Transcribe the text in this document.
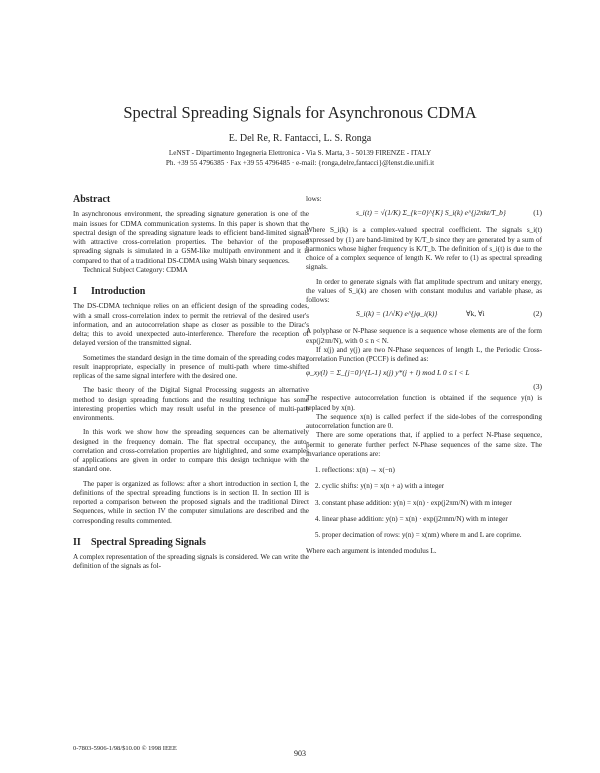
Spectral Spreading Signals for Asynchronous CDMA
E. Del Re, R. Fantacci, L. S. Ronga
LeNST - Dipartimento Ingegneria Elettronica - Via S. Marta, 3 - 50139 FIRENZE - ITALY
Ph. +39 55 4796385 · Fax +39 55 4796485 · e-mail: {ronga,delre,fantacci}@lenst.die.unifi.it
Abstract

In asynchronous environment, the spreading signature generation is one of the main issues for CDMA communication systems. In this paper is shown that the spectral design of the spreading signature leads to efficient band-limited signals with attractive cross-correlation properties. The behavior of the proposed spreading signals is simulated in a GSM-like multipath environment and it is compared to that of a traditional DS-CDMA using Walsh binary sequences.

Technical Subject Category: CDMA

I Introduction

The DS-CDMA technique relies on an efficient design of the spreading codes, with a small cross-correlation index to permit the retrieval of the desired user's information, and an autocorrelation shape as closer as possible to the Dirac's delta; this to avoid unexpected auto-interference. Therefore the reception of delayed version of the transmitted signal.

Sometimes the standard design in the time domain of the spreading codes may result inappropriate, especially in presence of multi-path where time-shifted replicas of the same signal interfere with the desired one.

The basic theory of the Digital Signal Processing suggests an alternative method to design spreading functions and the resulting technique has some interesting properties which may result useful in the presence of multi-path environments.

In this work we show how the spreading sequences can be alternatively designed in the frequency domain. The flat spectral occupancy, the auto-correlation and cross-correlation properties are highlighted, and some examples of applications are given in order to compare this design technique with the standard one.

The paper is organized as follows: after a short introduction in section I, the definitions of the spectral spreading functions is in section II. In section III is reported a comparison between the proposed signals and the traditional Direct Sequences, while in section IV the computer simulations are described and the corresponding results commented.

II Spectral Spreading Signals

A complex representation of the spreading signals is considered. We can write the definition of the signals as fol-

lows:

s_i(t) = √(1/K) Σ_{k=0}^{K} S_i(k) e^{j2πkt/T_b}	(1)

Where S_i(k) is a complex-valued spectral coefficient. The signals s_i(t) expressed by (1) are band-limited by K/T_b since they are generated by a sum of harmonics whose higher frequency is K/T_b. The definition of s_i(t) is due to the choice of a complex sequence of length K. We refer to (1) as spectral spreading signals.

In order to generate signals with flat amplitude spectrum and unitary energy, the values of S_i(k) are chosen with constant modulus and variable phase, as follows:

S_i(k) = (1/√K) e^{jφ_i(k)}	∀k, ∀i	(2)

A polyphase or N-Phase sequence is a sequence whose elements are of the form exp(j2πn/N), with 0 ≤ n < N.

If x(j) and y(j) are two N-Phase sequences of length L, the Periodic Cross-correlation Function (PCCF) is defined as:

φ_xy(l) = Σ_{j=0}^{L-1} x(j) y*(j + l) mod L 0 ≤ l < L
(3)

The respective autocorrelation function is obtained if the sequence y(n) is replaced by x(n).

The sequence x(n) is called perfect if the side-lobes of the corresponding autocorrelation function are 0.

There are some operations that, if applied to a perfect N-Phase sequence, permit to generate further perfect N-Phase sequences of the same size. The invariance operations are:

1. reflections: x(n) → x(−n)
2. cyclic shifts: y(n) = x(n + a) with a integer
3. constant phase addition: y(n) = x(n) · exp(j2πm/N) with m integer
4. linear phase addition: y(n) = x(n) · exp(j2πnm/N) with m integer
5. proper decimation of rows: y(n) = x(nm) where m and L are coprime.

Where each argument is intended modulus L.

0-7803-5906-1/98/$10.00 © 1998 IEEE
903
